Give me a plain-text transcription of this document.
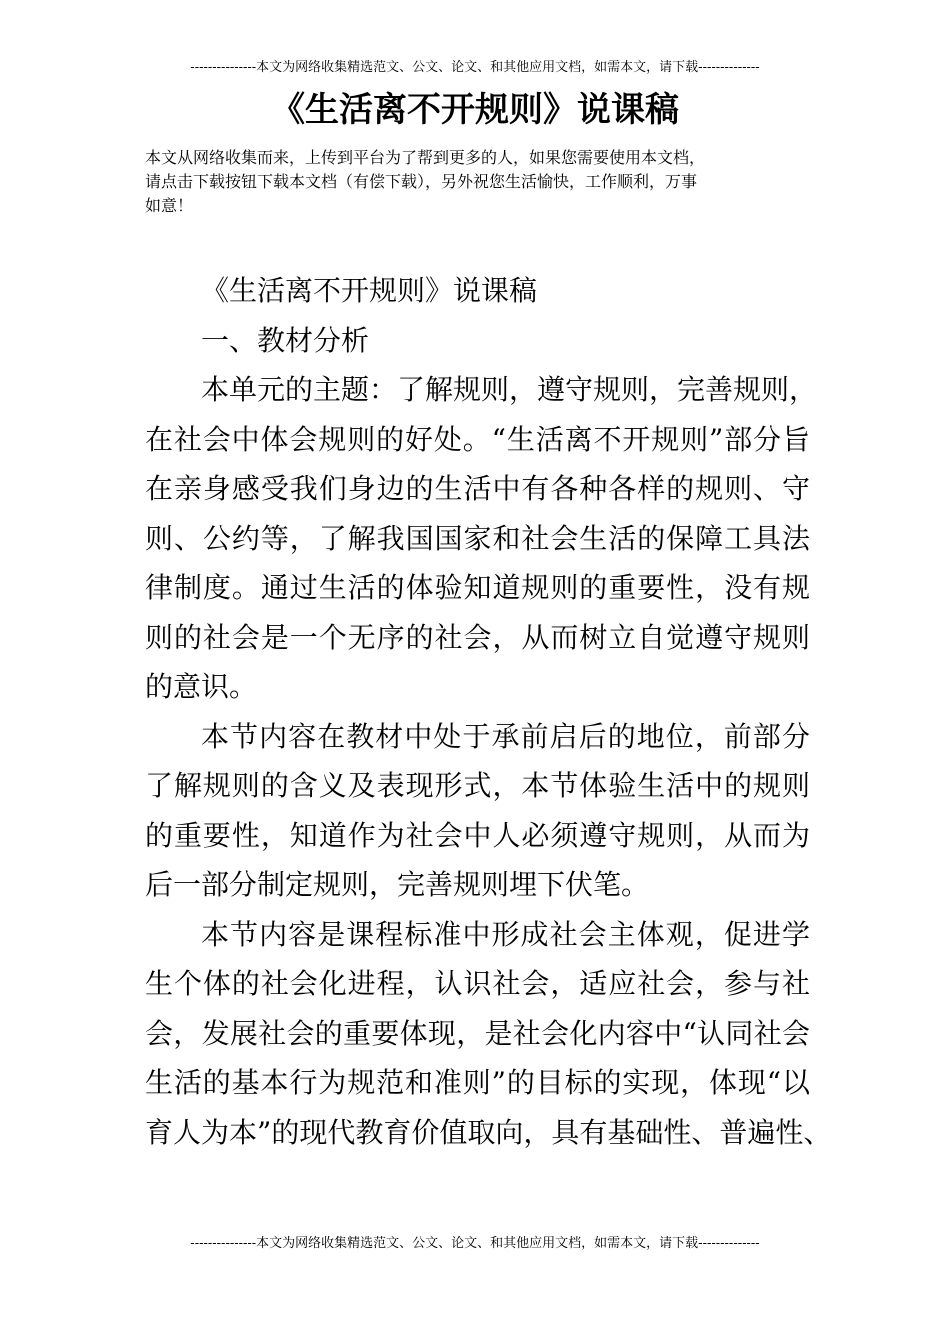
---------------本文为网络收集精选范文、公文、论文、和其他应用文档，如需本文，请下载--------------
《生活离不开规则》说课稿

本文从网络收集而来，上传到平台为了帮到更多的人，如果您需要使用本文档，

请点击下载按钮下载本文档（有偿下载），另外祝您生活愉快，工作顺利，万事

如意！

《生活离不开规则》说课稿
一、教材分析

本单元的主题：了解规则，遵守规则，完善规则，
在社会中体会规则的好处。“生活离不开规则”部分旨
在亲身感受我们身边的生活中有各种各样的规则、守
则、公约等，了解我国国家和社会生活的保障工具法
律制度。通过生活的体验知道规则的重要性，没有规
则的社会是一个无序的社会，从而树立自觉遵守规则
的意识。

本节内容在教材中处于承前启后的地位，前部分
了解规则的含义及表现形式，本节体验生活中的规则
的重要性，知道作为社会中人必须遵守规则，从而为
后一部分制定规则，完善规则埋下伏笔。

本节内容是课程标准中形成社会主体观，促进学
生个体的社会化进程，认识社会，适应社会，参与社
会，发展社会的重要体现，是社会化内容中“认同社会
生活的基本行为规范和准则”的目标的实现，体现“以
育人为本”的现代教育价值取向，具有基础性、普遍性、

---------------本文为网络收集精选范文、公文、论文、和其他应用文档，如需本文，请下载--------------
